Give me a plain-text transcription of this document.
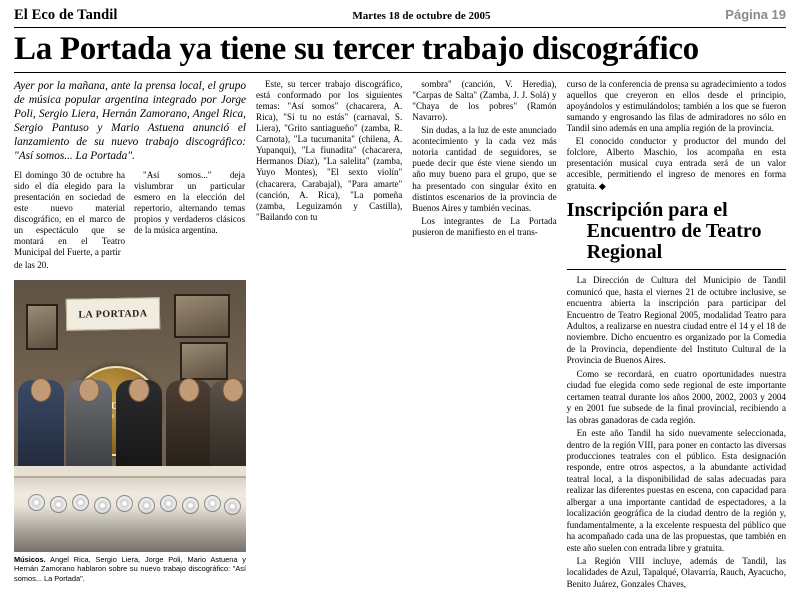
El Eco de Tandil	Martes 18 de octubre de 2005	Página 19
La Portada ya tiene su tercer trabajo discográfico
Ayer por la mañana, ante la prensa local, el grupo de música popular argentina integrado por Jorge Poli, Sergio Liera, Hernán Zamorano, Angel Rica, Sergio Pantuso y Mario Astuena anunció el lanzamiento de su nuevo trabajo discográfico: "Así somos... La Portada".

El domingo 30 de octubre ha sido el día elegido para la presentación en sociedad de este nuevo material discográfico, en el marco de un espectáculo que se montará en el Teatro Municipal del Fuerte, a partir

de las 20.

"Así somos..." deja vislumbrar un particular esmero en la elección del repertorio, alternando temas propios y verdaderos clásicos de la música argentina.

LA PORTADA
Músicos. Angel Rica, Sergio Liera, Jorge Poli, Mario Astuena y Hernán Zamorano hablaron sobre su nuevo trabajo discográfico: "Así somos... La Portada".

Este, su tercer trabajo discográfico, está conformado por los siguientes temas: "Así somos" (chacarera, A. Rica), "Si tu no estás" (carnaval, S. Liera), "Grito santiagueño" (zamba, R. Carnota), "La tucumanita" (chilena, A. Yupanqui), "La fiunadita" (chacarera, Hermanos Díaz), "La salelita" (zamba, Yuyo Montes), "El sexto violín" (chacarera, Carabajal), "Para amarte" (canción, A. Rica), "La pomeña (zamba, Leguizamón y Castilla), "Bailando con tu

sombra" (canción, V. Heredia), "Carpas de Salta" (Zamba, J. J. Solá) y "Chaya de los pobres" (Ramón Navarro).

Sin dudas, a la luz de este anunciado acontecimiento y la cada vez más notoria cantidad de seguidores, se puede decir que éste viene siendo un año muy bueno para el grupo, que se ha presentado con singular éxito en distintos escenarios de la provincia de Buenos Aires y también vecinas.

Los integrantes de La Portada pusieron de manifiesto en el trans-

curso de la conferencia de prensa su agradecimiento a todos aquellos que creyeron en ellos desde el principio, apoyándolos y estimulándolos; también a los que se fueron sumando y engrosando las filas de admiradores no sólo en Tandil sino además en una amplia región de la provincia.

El conocido conductor y productor del mundo del folclore, Alberto Maschio, los acompaña en esta presentación musical cuya entrada será de un valor accesible, permitiendo el ingreso de menores en forma gratuita. ◆

Inscripción para el
Encuentro de Teatro Regional

La Dirección de Cultura del Municipio de Tandil comunicó que, hasta el viernes 21 de octubre inclusive, se encuentra abierta la inscripción para participar del Encuentro de Teatro Regional 2005, modalidad Teatro para Adultos, a realizarse en nuestra ciudad entre el 14 y el 18 de noviembre. Dicho encuentro es organizado por la Comedia de la Provincia, dependiente del Instituto Cultural de la Provincia de Buenos Aires.

Como se recordará, en cuatro oportunidades nuestra ciudad fue elegida como sede regional de este importante certamen teatral durante los años 2000, 2002, 2003 y 2004 y en 2001 fue subsede de la final provincial, recibiendo a las obras ganadoras de cada región.

En este año Tandil ha sido nuevamente seleccionada, dentro de la región VIII, para poner en contacto las diversas producciones teatrales con el público. Esta designación responde, entre otros aspectos, a la abundante actividad teatral local, a la disponibilidad de salas adecuadas para realizar las diferentes puestas en escena, con capacidad para albergar a una importante cantidad de espectadores, a la localización geográfica de la ciudad dentro de la región y, fundamentalmente, a la excelente respuesta del público que ha acompañado cada una de las propuestas, que también en este año suelen con entrada libre y gratuita.

La Región VIII incluye, además de Tandil, las localidades de Azul, Tapalqué, Olavarría, Rauch, Ayacucho, Benito Juárez, Gonzales Chaves,
